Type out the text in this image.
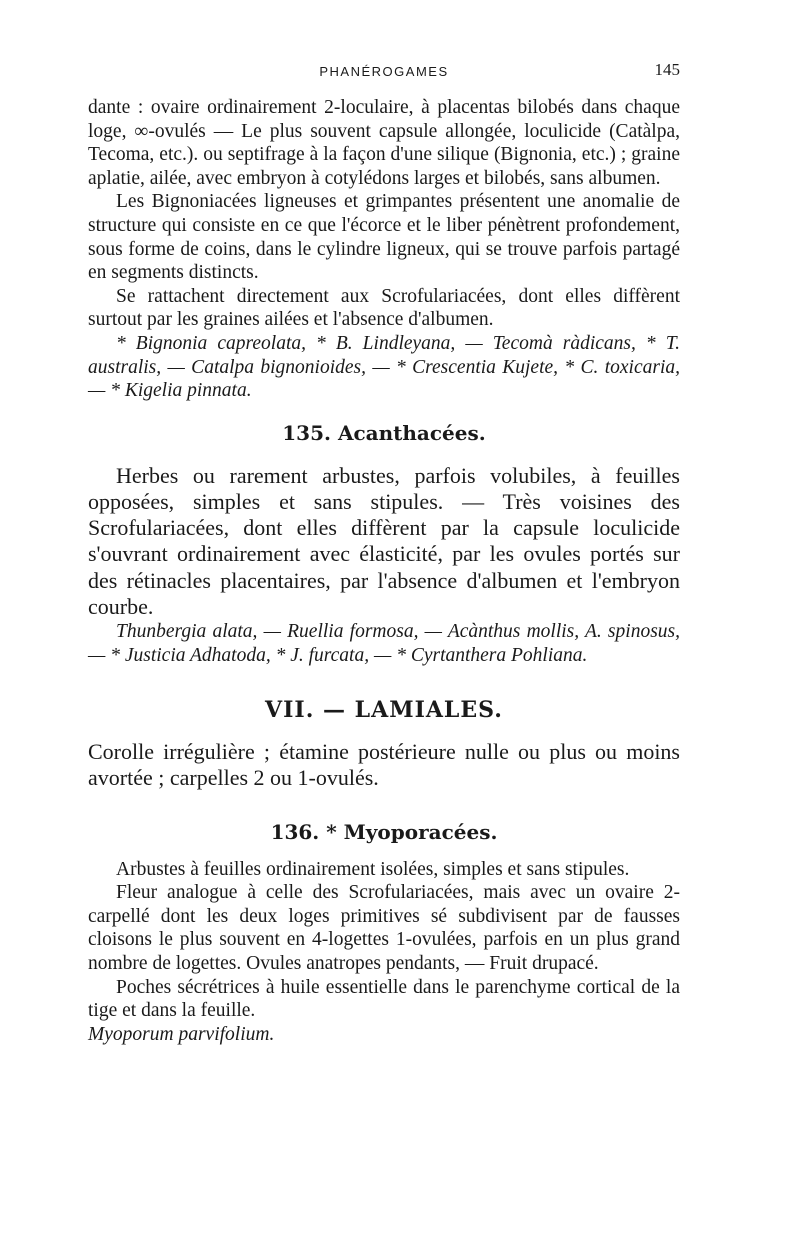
PHANÉROGAMES	145

dante : ovaire ordinairement 2-loculaire, à placentas bilobés dans chaque loge, ∞-ovulés — Le plus souvent capsule allongée, loculicide (Catàlpa, Tecoma, etc.). ou septifrage à la façon d'une silique (Bignonia, etc.) ; graine aplatie, ailée, avec embryon à cotylédons larges et bilobés, sans albumen.

Les Bignoniacées ligneuses et grimpantes présentent une anomalie de structure qui consiste en ce que l'écorce et le liber pénètrent profondement, sous forme de coins, dans le cylindre ligneux, qui se trouve parfois partagé en segments distincts.

Se rattachent directement aux Scrofulariacées, dont elles diffèrent surtout par les graines ailées et l'absence d'albumen.

* Bignonia capreolata, * B. Lindleyana, — Tecomà ràdicans, * T. australis, — Catalpa bignonioides, — * Crescentia Kujete, * C. toxicaria, — * Kigelia pinnata.

135. Acanthacées.

Herbes ou rarement arbustes, parfois volubiles, à feuilles opposées, simples et sans stipules. — Très voisines des Scrofulariacées, dont elles diffèrent par la capsule loculicide s'ouvrant ordinairement avec élasticité, par les ovules portés sur des rétinacles placentaires, par l'absence d'albumen et l'embryon courbe.

Thunbergia alata, — Ruellia formosa, — Acànthus mollis, A. spinosus, — * Justicia Adhatoda, * J. furcata, — * Cyrtanthera Pohliana.

VII. — LAMIALES.

Corolle irrégulière ; étamine postérieure nulle ou plus ou moins avortée ; carpelles 2 ou 1-ovulés.

136. * Myoporacées.

Arbustes à feuilles ordinairement isolées, simples et sans stipules.

Fleur analogue à celle des Scrofulariacées, mais avec un ovaire 2-carpellé dont les deux loges primitives sé subdivisent par de fausses cloisons le plus souvent en 4-logettes 1-ovulées, parfois en un plus grand nombre de logettes. Ovules anatropes pendants, — Fruit drupacé.

Poches sécrétrices à huile essentielle dans le parenchyme cortical de la tige et dans la feuille.

Myoporum parvifolium.
